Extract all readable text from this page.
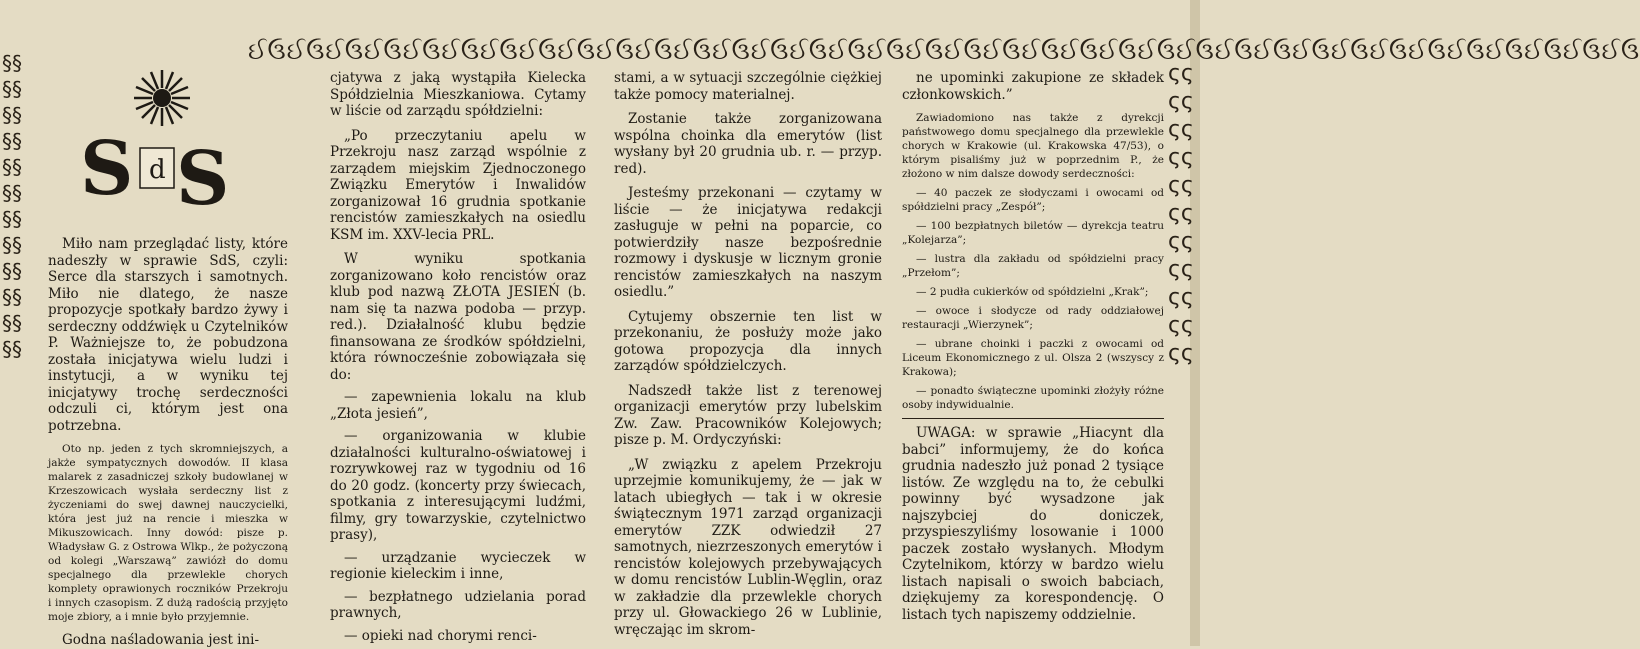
ઈઉઈઉઈઉઈઉઈઉઈઉઈઉઈઉઈઉઈઉઈઉઈઉઈઉઈઉઈઉઈઉઈઉઈઉઈઉઈઉઈઉઈઉઈઉઈઉઈઉઈઉઈઉઈઉઈઉઈઉઈઉઈઉઈઉઈઉઈઉઈઉ
§§§§§§§§§§§§§§§§§§§§§§§§
ςςςςςςςςςςςςςςςςςςςςςς
S d S

Miło nam przeglądać listy, które nadeszły w sprawie SdS, czyli: Serce dla starszych i samotnych. Miło nie dlatego, że nasze propozycje spotkały bardzo żywy i serdeczny oddźwięk u Czytelników P. Ważniejsze to, że pobudzona została inicjatywa wielu ludzi i instytucji, a w wyniku tej inicjatywy trochę serdeczności odczuli ci, którym jest ona potrzebna.

Oto np. jeden z tych skromniejszych, a jakże sympatycznych dowodów. II klasa malarek z zasadniczej szkoły budowlanej w Krzeszowicach wysłała serdeczny list z życzeniami do swej dawnej nauczycielki, która jest już na rencie i mieszka w Mikuszowicach. Inny dowód: pisze p. Władysław G. z Ostrowa Wlkp., że pożyczoną od kolegi „Warszawą” zawiózł do domu specjalnego dla przewlekle chorych komplety oprawionych roczników Przekroju i innych czasopism. Z dużą radością przyjęto moje zbiory, a i mnie było przyjemnie.

Godna naśladowania jest ini-

cjatywa z jaką wystąpiła Kielecka Spółdzielnia Mieszkaniowa. Cytamy w liście od zarządu spółdzielni:

„Po przeczytaniu apelu w Przekroju nasz zarząd wspólnie z zarządem miejskim Zjednoczonego Związku Emerytów i Inwalidów zorganizował 16 grudnia spotkanie rencistów zamieszkałych na osiedlu KSM im. XXV-lecia PRL.

W wyniku spotkania zorganizowano koło rencistów oraz klub pod nazwą ZŁOTA JESIEŃ (b. nam się ta nazwa podoba — przyp. red.). Działalność klubu będzie finansowana ze środków spółdzielni, która równocześnie zobowiązała się do:

— zapewnienia lokalu na klub „Złota jesień”,

— organizowania w klubie działalności kulturalno-oświatowej i rozrywkowej raz w tygodniu od 16 do 20 godz. (koncerty przy świecach, spotkania z interesującymi ludźmi, filmy, gry towarzyskie, czytelnictwo prasy),

— urządzanie wycieczek w regionie kieleckim i inne,

— bezpłatnego udzielania porad prawnych,

— opieki nad chorymi renci-

stami, a w sytuacji szczególnie ciężkiej także pomocy materialnej.

Zostanie także zorganizowana wspólna choinka dla emerytów (list wysłany był 20 grudnia ub. r. — przyp. red).

Jesteśmy przekonani — czytamy w liście — że inicjatywa redakcji zasługuje w pełni na poparcie, co potwierdziły nasze bezpośrednie rozmowy i dyskusje w licznym gronie rencistów zamieszkałych na naszym osiedlu.”

Cytujemy obszernie ten list w przekonaniu, że posłuży może jako gotowa propozycja dla innych zarządów spółdzielczych.

Nadszedł także list z terenowej organizacji emerytów przy lubelskim Zw. Zaw. Pracowników Kolejowych; pisze p. M. Ordyczyński:

„W związku z apelem Przekroju uprzejmie komunikujemy, że — jak w latach ubiegłych — tak i w okresie świątecznym 1971 zarząd organizacji emerytów ZZK odwiedził 27 samotnych, niezrzeszonych emerytów i rencistów kolejowych przebywających w domu rencistów Lublin-Węglin, oraz w zakładzie dla przewlekle chorych przy ul. Głowackiego 26 w Lublinie, wręczając im skrom-

ne upominki zakupione ze składek członkowskich.”

Zawiadomiono nas także z dyrekcji państwowego domu specjalnego dla przewlekle chorych w Krakowie (ul. Krakowska 47/53), o którym pisaliśmy już w poprzednim P., że złożono w nim dalsze dowody serdeczności:

— 40 paczek ze słodyczami i owocami od spółdzielni pracy „Zespół”;

— 100 bezpłatnych biletów — dyrekcja teatru „Kolejarza”;

— lustra dla zakładu od spółdzielni pracy „Przełom”;

— 2 pudła cukierków od spółdzielni „Krak”;

— owoce i słodycze od rady oddziałowej restauracji „Wierzynek”;

— ubrane choinki i paczki z owocami od Liceum Ekonomicznego z ul. Olsza 2 (wszyscy z Krakowa);

— ponadto świąteczne upominki złożyły różne osoby indywidualnie.

UWAGA: w sprawie „Hiacynt dla babci” informujemy, że do końca grudnia nadeszło już ponad 2 tysiące listów. Ze względu na to, że cebulki powinny być wysadzone jak najszybciej do doniczek, przyspieszyliśmy losowanie i 1000 paczek zostało wysłanych. Młodym Czytelnikom, którzy w bardzo wielu listach napisali o swoich babciach, dziękujemy za korespondencję. O listach tych napiszemy oddzielnie.
